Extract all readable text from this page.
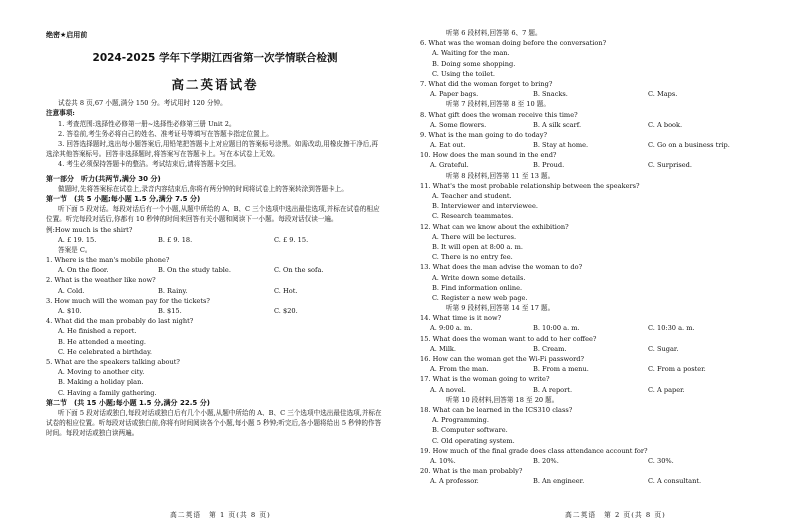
绝密★启用前
2024-2025 学年下学期江西省第一次学情联合检测
高二英语试卷
试卷共 8 页,67 小题,满分 150 分。考试用时 120 分钟。
注意事项:
1. 考查范围:选择性必修第一册~选择性必修第三册 Unit 2。
2. 答卷前,考生务必将自己的姓名、准考证号等填写在答题卡指定位置上。
3. 回答选择题时,选出每小题答案后,用铅笔把答题卡上对应题目的答案标号涂黑。如需改动,用橡皮擦干净后,再选涂其他答案标号。回答非选择题时,将答案写在答题卡上。写在本试卷上无效。
4. 考生必须保持答题卡的整洁。考试结束后,请将答题卡交回。
第一部分　听力(共两节,满分 30 分)
做题时,先将答案标在试卷上,录音内容结束后,你将有两分钟的时间将试卷上的答案转涂到答题卡上。
第一节　(共 5 小题;每小题 1.5 分,满分 7.5 分)
听下面 5 段对话。每段对话后有一个小题,从题中所给的 A、B、C 三个选项中选出最佳选项,并标在试卷的相应位置。听完每段对话后,你都有 10 秒钟的时间来回答有关小题和阅读下一小题。每段对话仅读一遍。
例:How much is the shirt?
A. £ 19. 15.	B. £ 9. 18.	C. £ 9. 15.
答案是 C。
1. Where is the man's mobile phone?
A. On the floor.	B. On the study table.	C. On the sofa.
2. What is the weather like now?
A. Cold.	B. Rainy.	C. Hot.
3. How much will the woman pay for the tickets?
A. $10.	B. $15.	C. $20.
4. What did the man probably do last night?
A. He finished a report.
B. He attended a meeting.
C. He celebrated a birthday.
5. What are the speakers talking about?
A. Moving to another city.
B. Making a holiday plan.
C. Having a family gathering.
第二节　(共 15 小题;每小题 1.5 分,满分 22.5 分)
听下面 5 段对话或独白,每段对话或独白后有几个小题,从题中所给的 A、B、C 三个选项中选出最佳选项,并标在试卷的相应位置。听每段对话或独白前,你将有时间阅读各个小题,每小题 5 秒钟;听完后,各小题将给出 5 秒钟的作答时间。每段对话或独白读两遍。
高二英语　第 1 页(共 8 页)
听第 6 段材料,回答第 6、7 题。
6. What was the woman doing before the conversation?
A. Waiting for the man.
B. Doing some shopping.
C. Using the toilet.
7. What did the woman forget to bring?
A. Paper bags.	B. Snacks.	C. Maps.
听第 7 段材料,回答第 8 至 10 题。
8. What gift does the woman receive this time?
A. Some flowers.	B. A silk scarf.	C. A book.
9. What is the man going to do today?
A. Eat out.	B. Stay at home.	C. Go on a business trip.
10. How does the man sound in the end?
A. Grateful.	B. Proud.	C. Surprised.
听第 8 段材料,回答第 11 至 13 题。
11. What's the most probable relationship between the speakers?
A. Teacher and student.
B. Interviewer and interviewee.
C. Research teammates.
12. What can we know about the exhibition?
A. There will be lectures.
B. It will open at 8:00 a. m.
C. There is no entry fee.
13. What does the man advise the woman to do?
A. Write down some details.
B. Find information online.
C. Register a new web page.
听第 9 段材料,回答第 14 至 17 题。
14. What time is it now?
A. 9:00 a. m.	B. 10:00 a. m.	C. 10:30 a. m.
15. What does the woman want to add to her coffee?
A. Milk.	B. Cream.	C. Sugar.
16. How can the woman get the Wi-Fi password?
A. From the man.	B. From a menu.	C. From a poster.
17. What is the woman going to write?
A. A novel.	B. A report.	C. A paper.
听第 10 段材料,回答第 18 至 20 题。
18. What can be learned in the ICS310 class?
A. Programming.
B. Computer software.
C. Old operating system.
19. How much of the final grade does class attendance account for?
A. 10%.	B. 20%.	C. 30%.
20. What is the man probably?
A. A professor.	B. An engineer.	C. A consultant.
高二英语　第 2 页(共 8 页)
